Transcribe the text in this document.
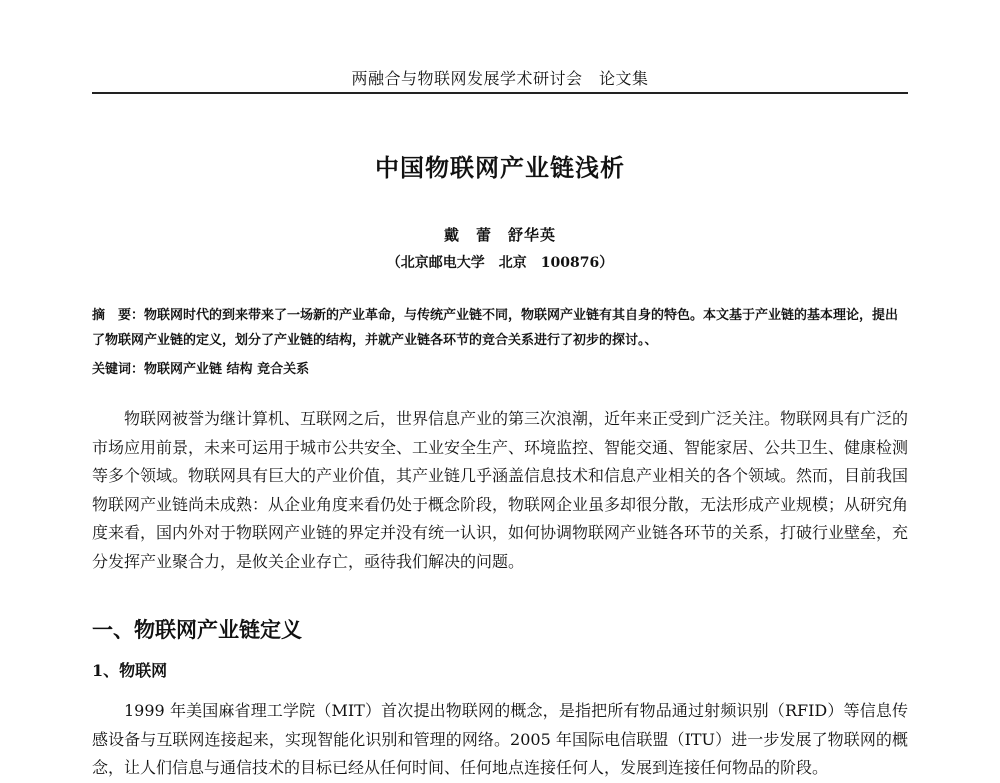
两融合与物联网发展学术研讨会　论文集
中国物联网产业链浅析
戴　蕾　舒华英
（北京邮电大学　北京　100876）
摘　要：物联网时代的到来带来了一场新的产业革命，与传统产业链不同，物联网产业链有其自身的特色。本文基于产业链的基本理论，提出了物联网产业链的定义，划分了产业链的结构，并就产业链各环节的竞合关系进行了初步的探讨。、
关键词：物联网产业链 结构 竞合关系
物联网被誉为继计算机、互联网之后，世界信息产业的第三次浪潮，近年来正受到广泛关注。物联网具有广泛的市场应用前景，未来可运用于城市公共安全、工业安全生产、环境监控、智能交通、智能家居、公共卫生、健康检测等多个领域。物联网具有巨大的产业价值，其产业链几乎涵盖信息技术和信息产业相关的各个领域。然而，目前我国物联网产业链尚未成熟：从企业角度来看仍处于概念阶段，物联网企业虽多却很分散，无法形成产业规模；从研究角度来看，国内外对于物联网产业链的界定并没有统一认识，如何协调物联网产业链各环节的关系，打破行业壁垒，充分发挥产业聚合力，是攸关企业存亡，亟待我们解决的问题。
一、物联网产业链定义
1、物联网
1999 年美国麻省理工学院（MIT）首次提出物联网的概念，是指把所有物品通过射频识别（RFID）等信息传感设备与互联网连接起来，实现智能化识别和管理的网络。2005 年国际电信联盟（ITU）进一步发展了物联网的概念，让人们信息与通信技术的目标已经从任何时间、任何地点连接任何人，发展到连接任何物品的阶段。
